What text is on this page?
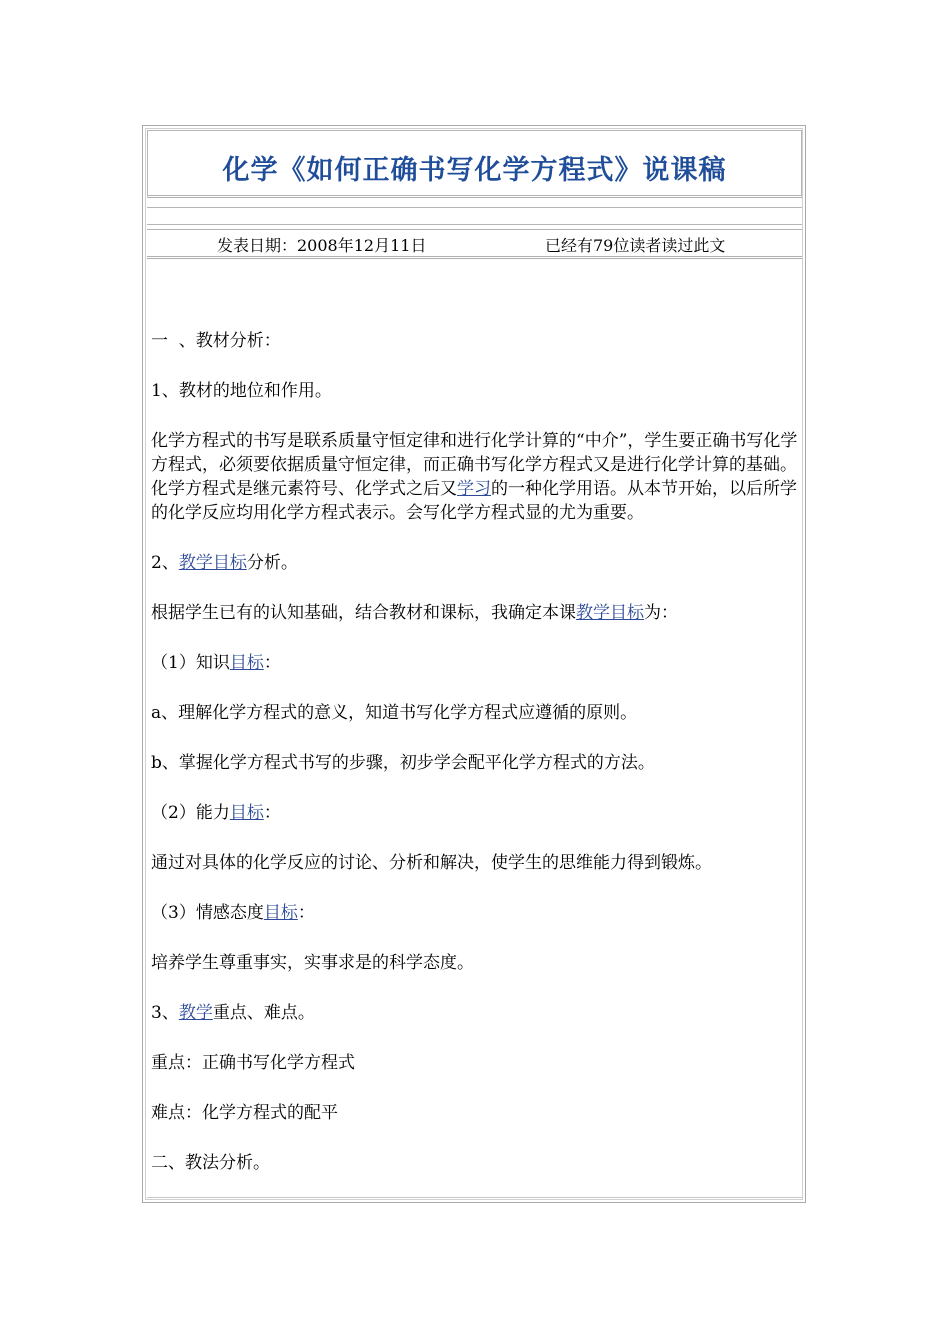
化学《如何正确书写化学方程式》说课稿
发表日期：2008年12月11日	已经有79位读者读过此文

一  、教材分析：

1、教材的地位和作用。

化学方程式的书写是联系质量守恒定律和进行化学计算的“中介”，学生要正确书写化学方程式，必须要依据质量守恒定律，而正确书写化学方程式又是进行化学计算的基础。化学方程式是继元素符号、化学式之后又学习的一种化学用语。从本节开始，以后所学的化学反应均用化学方程式表示。会写化学方程式显的尤为重要。

2、教学目标分析。

根据学生已有的认知基础，结合教材和课标，我确定本课教学目标为：

（1）知识目标：

a、理解化学方程式的意义，知道书写化学方程式应遵循的原则。

b、掌握化学方程式书写的步骤，初步学会配平化学方程式的方法。

（2）能力目标：

通过对具体的化学反应的讨论、分析和解决，使学生的思维能力得到锻炼。

（3）情感态度目标：

培养学生尊重事实，实事求是的科学态度。

3、教学重点、难点。

重点：正确书写化学方程式

难点：化学方程式的配平

二、教法分析。
